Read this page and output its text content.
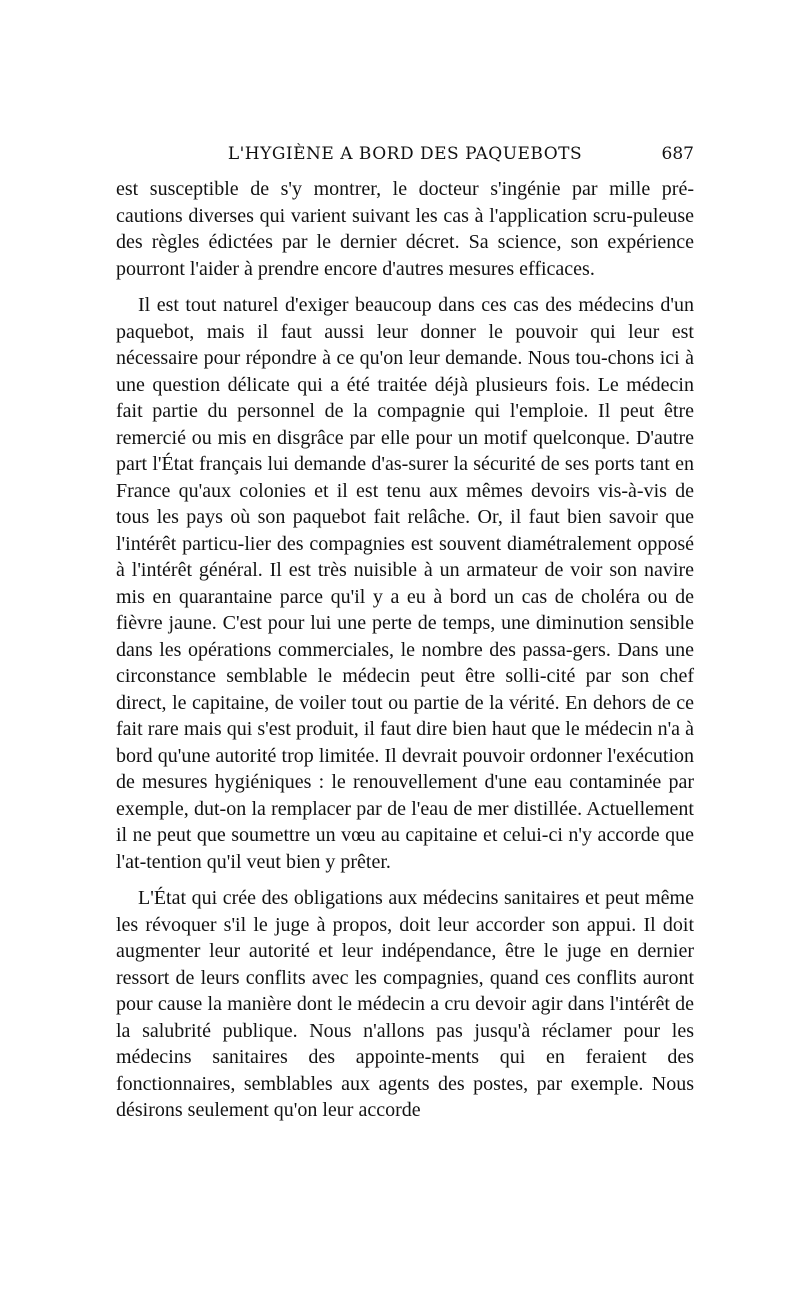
L'HYGIÈNE A BORD DES PAQUEBOTS	687

est susceptible de s'y montrer, le docteur s'ingénie par mille pré-cautions diverses qui varient suivant les cas à l'application scru-puleuse des règles édictées par le dernier décret. Sa science, son expérience pourront l'aider à prendre encore d'autres mesures efficaces.

Il est tout naturel d'exiger beaucoup dans ces cas des médecins d'un paquebot, mais il faut aussi leur donner le pouvoir qui leur est nécessaire pour répondre à ce qu'on leur demande. Nous tou-chons ici à une question délicate qui a été traitée déjà plusieurs fois. Le médecin fait partie du personnel de la compagnie qui l'emploie. Il peut être remercié ou mis en disgrâce par elle pour un motif quelconque. D'autre part l'État français lui demande d'as-surer la sécurité de ses ports tant en France qu'aux colonies et il est tenu aux mêmes devoirs vis-à-vis de tous les pays où son paquebot fait relâche. Or, il faut bien savoir que l'intérêt particu-lier des compagnies est souvent diamétralement opposé à l'intérêt général. Il est très nuisible à un armateur de voir son navire mis en quarantaine parce qu'il y a eu à bord un cas de choléra ou de fièvre jaune. C'est pour lui une perte de temps, une diminution sensible dans les opérations commerciales, le nombre des passa-gers. Dans une circonstance semblable le médecin peut être solli-cité par son chef direct, le capitaine, de voiler tout ou partie de la vérité. En dehors de ce fait rare mais qui s'est produit, il faut dire bien haut que le médecin n'a à bord qu'une autorité trop limitée. Il devrait pouvoir ordonner l'exécution de mesures hygiéniques : le renouvellement d'une eau contaminée par exemple, dut-on la remplacer par de l'eau de mer distillée. Actuellement il ne peut que soumettre un vœu au capitaine et celui-ci n'y accorde que l'at-tention qu'il veut bien y prêter.

L'État qui crée des obligations aux médecins sanitaires et peut même les révoquer s'il le juge à propos, doit leur accorder son appui. Il doit augmenter leur autorité et leur indépendance, être le juge en dernier ressort de leurs conflits avec les compagnies, quand ces conflits auront pour cause la manière dont le médecin a cru devoir agir dans l'intérêt de la salubrité publique. Nous n'allons pas jusqu'à réclamer pour les médecins sanitaires des appointe-ments qui en feraient des fonctionnaires, semblables aux agents des postes, par exemple. Nous désirons seulement qu'on leur accorde
